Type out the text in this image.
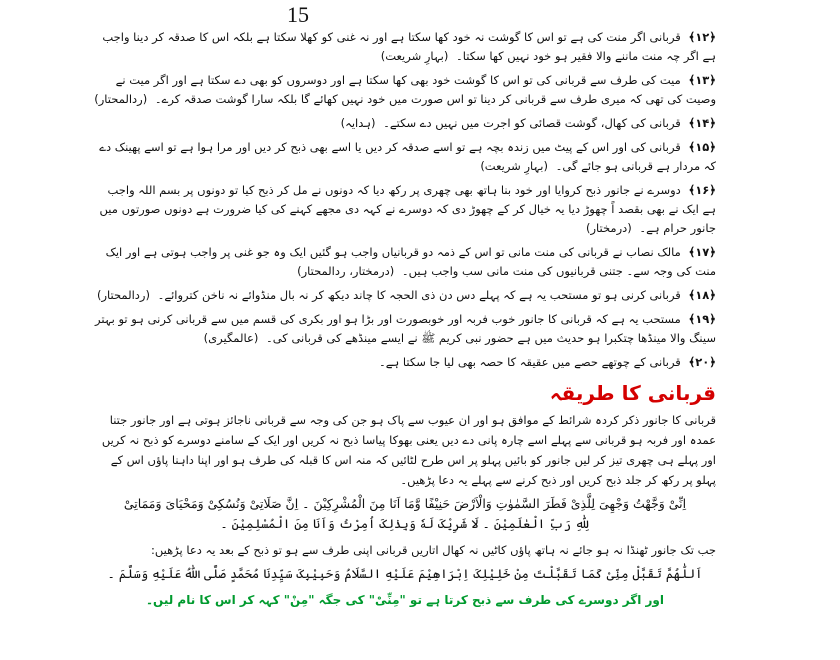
15
﴿۱۲﴾ قربانی اگر منت کی ہے تو اس کا گوشت نہ خود کھا سکتا ہے اور نہ غنی کو کھلا سکتا ہے بلکہ اس کا صدقہ کر دینا واجب ہے اگر چہ منت ماننے والا فقیر ہو خود نہیں کھا سکتا۔ (بہارِ شریعت)
﴿۱۳﴾ میت کی طرف سے قربانی کی تو اس کا گوشت خود بھی کھا سکتا ہے اور دوسروں کو بھی دے سکتا ہے اور اگر میت نے وصیت کی تھی کہ میری طرف سے قربانی کر دینا تو اس صورت میں خود نہیں کھائے گا بلکہ سارا گوشت صدقہ کرے۔ (ردالمحتار)
﴿۱۴﴾ قربانی کی کھال، گوشت قصائی کو اجرت میں نہیں دے سکتے۔ (ہدایہ)
﴿۱۵﴾ قربانی کی اور اس کے پیٹ میں زندہ بچہ ہے تو اسے صدقہ کر دیں یا اسے بھی ذبح کر دیں اور مرا ہوا ہے تو اسے پھینک دے کہ مردار ہے قربانی ہو جائے گی۔ (بہارِ شریعت)
﴿۱۶﴾ دوسرے نے جانور ذبح کروایا اور خود بنا ہاتھ بھی چھری پر رکھ دیا کہ دونوں نے مل کر ذبح کیا تو دونوں پر بسم اللہ واجب ہے ایک نے بھی بقصد اً چھوڑ دیا یہ خیال کر کے چھوڑ دی کہ دوسرے نے کہہ دی مجھے کہنے کی کیا ضرورت ہے دونوں صورتوں میں جانور حرام ہے۔ (درمختار)
﴿۱۷﴾ مالک نصاب نے قربانی کی منت مانی تو اس کے ذمہ دو قربانیاں واجب ہو گئیں ایک وہ جو غنی پر واجب ہوتی ہے اور ایک منت کی وجہ سے۔ جتنی قربانیوں کی منت مانی سب واجب ہیں۔ (درمختار، ردالمحتار)
﴿۱۸﴾ قربانی کرنی ہو تو مستحب یہ ہے کہ پہلے دس دن ذی الحجہ کا چاند دیکھ کر نہ بال منڈوائے نہ ناخن کتروائے۔ (ردالمحتار)
﴿۱۹﴾ مستحب یہ ہے کہ قربانی کا جانور خوب فربہ اور خوبصورت اور بڑا ہو اور بکری کی قسم میں سے قربانی کرنی ہو تو بہتر سینگ والا مینڈھا چتکبرا ہو حدیث میں ہے حضور نبی کریم ﷺ نے ایسے مینڈھے کی قربانی کی۔ (عالمگیری)
﴿۲۰﴾ قربانی کے چوتھے حصے میں عقیقہ کا حصہ بھی لیا جا سکتا ہے۔
قربانی کا طریقہ
قربانی کا جانور ذکر کردہ شرائط کے موافق ہو اور ان عیوب سے پاک ہو جن کی وجہ سے قربانی ناجائز ہوتی ہے اور جانور جتنا عمدہ اور فربہ ہو قربانی سے پہلے اسے چارہ پانی دے دیں یعنی بھوکا پیاسا ذبح نہ کریں اور ایک کے سامنے دوسرے کو ذبح نہ کریں اور پہلے ہی چھری تیز کر لیں جانور کو بائیں پہلو پر اس طرح لٹائیں کہ منہ اس کا قبلہ کی طرف ہو اور اپنا داہنا پاؤں اس کے پہلو پر رکھ کر جلد ذبح کریں اور ذبح کرنے سے پہلے یہ دعا پڑھیں۔
اِنِّیْ وَجَّهْتُ وَجْهِیَ لِلَّذِیْ فَطَرَ السَّمٰوٰتِ وَالْاَرْضَ حَنِیْفًا وَّمَا اَنَا مِنَ الْمُشْرِکِیْنَ ۔ اِنَّ صَلَاتِیْ وَنُسُکِیْ وَمَحْیَایَ وَمَمَاتِیْ
لِلّٰهِ رَبِّ الْعٰلَمِیْنَ ۔ لَا شَرِیْکَ لَهٗ وَبِذٰلِکَ اُمِرْتُ وَاَنَا مِنَ الْمُسْلِمِیْنَ ۔
جب تک جانور ٹھنڈا نہ ہو جائے نہ ہاتھ پاؤں کاٹیں نہ کھال اتاریں قربانی اپنی طرف سے ہو تو ذبح کے بعد یہ دعا پڑھیں:
اَللّٰهُمَّ تَقَبَّلْ مِنِّیْ کَمَا تَقَبَّلْتَ مِنْ خَلِیْلِکَ اِبْرَاهِیْمَ عَلَیْهِ السَّلَامُ وَحَبِیْبِکَ سَیِّدِنَا مُحَمَّدٍ صَلَّی اللّٰهُ عَلَیْهِ وَسَلَّمَ ۔
اور اگر دوسرے کی طرف سے ذبح کرتا ہے تو "مِنِّیْ" کی جگہ "مِنْ" کہہ کر اس کا نام لیں۔
